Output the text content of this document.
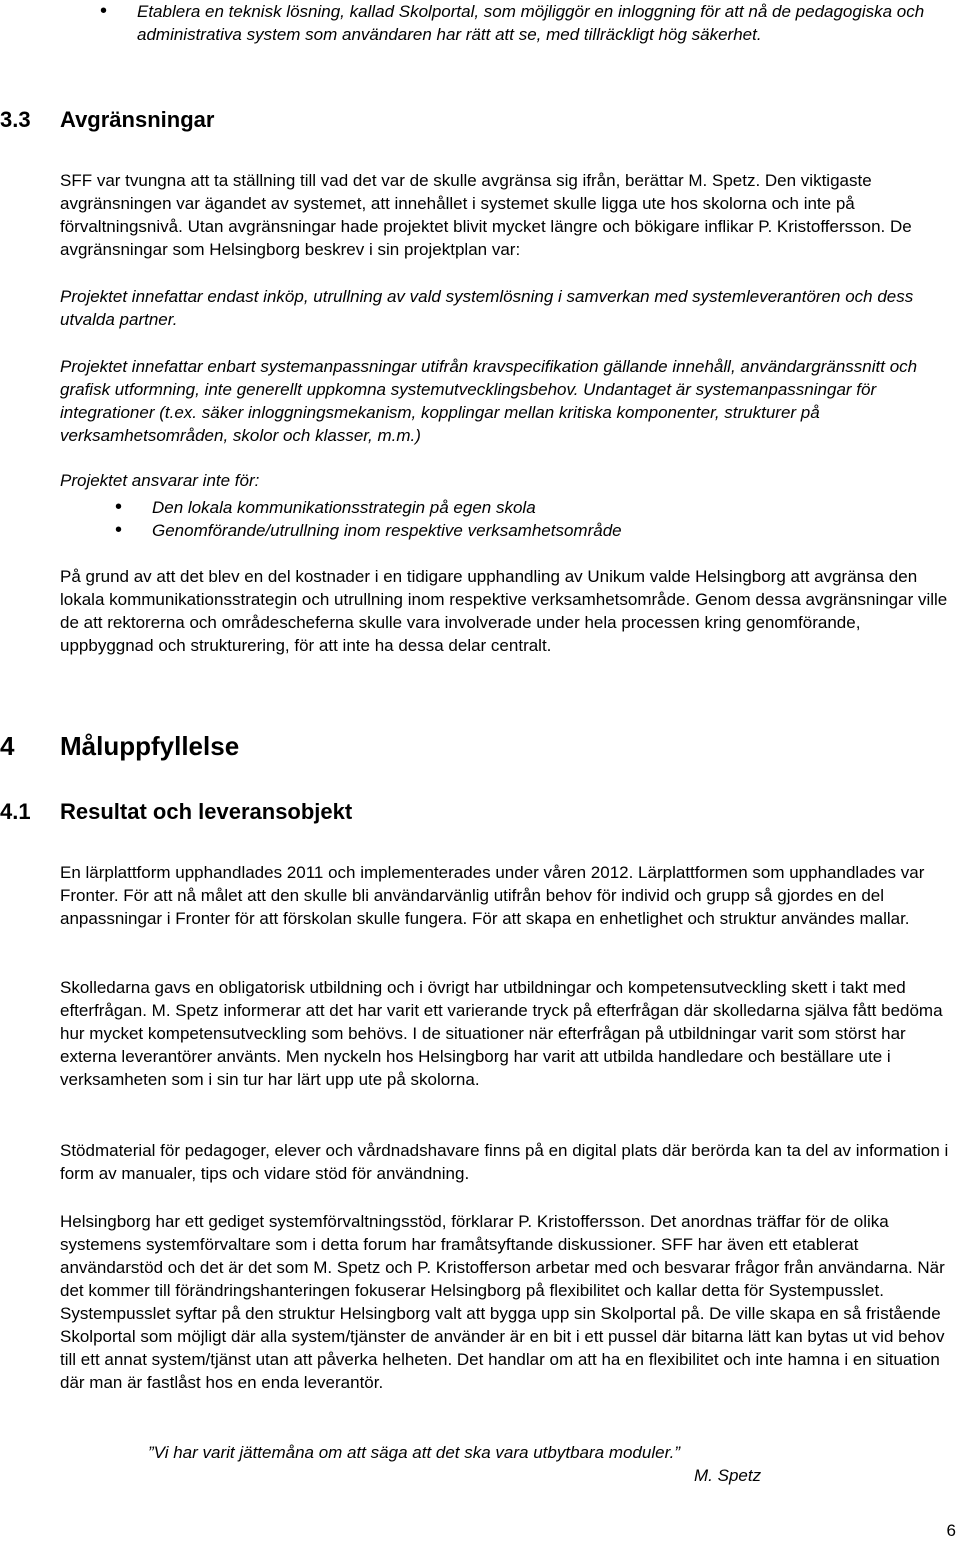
• Etablera en teknisk lösning, kallad Skolportal, som möjliggör en inloggning för att nå de pedagogiska och administrativa system som användaren har rätt att se, med tillräckligt hög säkerhet.

3.3 Avgränsningar

SFF var tvungna att ta ställning till vad det var de skulle avgränsa sig ifrån, berättar M. Spetz. Den viktigaste avgränsningen var ägandet av systemet, att innehållet i systemet skulle ligga ute hos skolorna och inte på förvaltningsnivå. Utan avgränsningar hade projektet blivit mycket längre och bökigare inflikar P. Kristoffersson. De avgränsningar som Helsingborg beskrev i sin projektplan var:

Projektet innefattar endast inköp, utrullning av vald systemlösning i samverkan med systemleverantören och dess utvalda partner.

Projektet innefattar enbart systemanpassningar utifrån kravspecifikation gällande innehåll, användargränssnitt och grafisk utformning, inte generellt uppkomna systemutvecklingsbehov. Undantaget är systemanpassningar för integrationer (t.ex. säker inloggningsmekanism, kopplingar mellan kritiska komponenter, strukturer på verksamhetsområden, skolor och klasser, m.m.)

Projektet ansvarar inte för:

• Den lokala kommunikationsstrategin på egen skola

• Genomförande/utrullning inom respektive verksamhetsområde

På grund av att det blev en del kostnader i en tidigare upphandling av Unikum valde Helsingborg att avgränsa den lokala kommunikationsstrategin och utrullning inom respektive verksamhetsområde. Genom dessa avgränsningar ville de att rektorerna och områdescheferna skulle vara involverade under hela processen kring genomförande, uppbyggnad och strukturering, för att inte ha dessa delar centralt.

4 Måluppfyllelse
4.1 Resultat och leveransobjekt

En lärplattform upphandlades 2011 och implementerades under våren 2012. Lärplattformen som upphandlades var Fronter. För att nå målet att den skulle bli användarvänlig utifrån behov för individ och grupp så gjordes en del anpassningar i Fronter för att förskolan skulle fungera. För att skapa en enhetlighet och struktur användes mallar.

Skolledarna gavs en obligatorisk utbildning och i övrigt har utbildningar och kompetensutveckling skett i takt med efterfrågan. M. Spetz informerar att det har varit ett varierande tryck på efterfrågan där skolledarna själva fått bedöma hur mycket kompetensutveckling som behövs. I de situationer när efterfrågan på utbildningar varit som störst har externa leverantörer använts. Men nyckeln hos Helsingborg har varit att utbilda handledare och beställare ute i verksamheten som i sin tur har lärt upp ute på skolorna.

Stödmaterial för pedagoger, elever och vårdnadshavare finns på en digital plats där berörda kan ta del av information i form av manualer, tips och vidare stöd för användning.

Helsingborg har ett gediget systemförvaltningsstöd, förklarar P. Kristoffersson. Det anordnas träffar för de olika systemens systemförvaltare som i detta forum har framåtsyftande diskussioner. SFF har även ett etablerat användarstöd och det är det som M. Spetz och P. Kristofferson arbetar med och besvarar frågor från användarna. När det kommer till förändringshanteringen fokuserar Helsingborg på flexibilitet och kallar detta för Systempusslet. Systempusslet syftar på den struktur Helsingborg valt att bygga upp sin Skolportal på. De ville skapa en så fristående Skolportal som möjligt där alla system/tjänster de använder är en bit i ett pussel där bitarna lätt kan bytas ut vid behov till ett annat system/tjänst utan att påverka helheten. Det handlar om att ha en flexibilitet och inte hamna i en situation där man är fastlåst hos en enda leverantör.

”Vi har varit jättemåna om att säga att det ska vara utbytbara moduler.”

M. Spetz

6
